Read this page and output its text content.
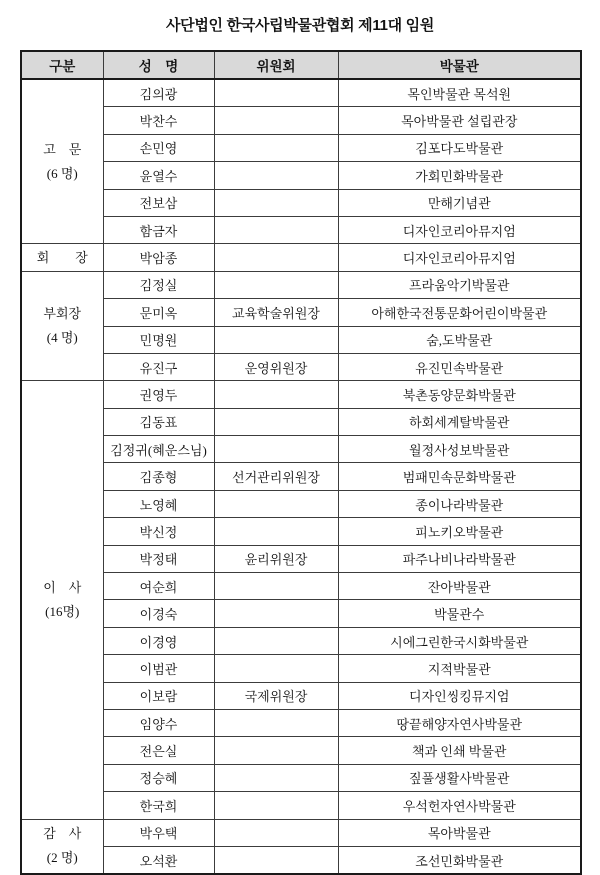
사단법인 한국사립박물관협회 제11대 임원
구분	성　명	위원회	박물관

고　문
(6 명)	김의광		목인박물관 목석원
	박찬수		목아박물관 설립관장
	손민영		김포다도박물관
	윤열수		가회민화박물관
	전보삼		만해기념관
	함금자		디자인코리아뮤지엄

회　　장	박암종		디자인코리아뮤지엄

부회장
(4 명)	김정실		프라움악기박물관
	문미옥	교육학술위원장	아해한국전통문화어린이박물관
	민명원		숨,도박물관
	유진구	운영위원장	유진민속박물관

이　사
(16명)	권영두		북촌동양문화박물관
	김동표		하회세계탈박물관
	김정귀(혜운스님)		월정사성보박물관
	김종형	선거관리위원장	범패민속문화박물관
	노영혜		종이나라박물관
	박신정		피노키오박물관
	박정태	윤리위원장	파주나비나라박물관
	여순희		잔아박물관
	이경숙		박물관수
	이경영		시에그린한국시화박물관
	이범관		지적박물관
	이보람	국제위원장	디자인씽킹뮤지엄
	임양수		땅끝해양자연사박물관
	전은실		책과 인쇄 박물관
	정승혜		짚풀생활사박물관
	한국희		우석헌자연사박물관

감　사
(2 명)	박우택		목아박물관
	오석환		조선민화박물관
